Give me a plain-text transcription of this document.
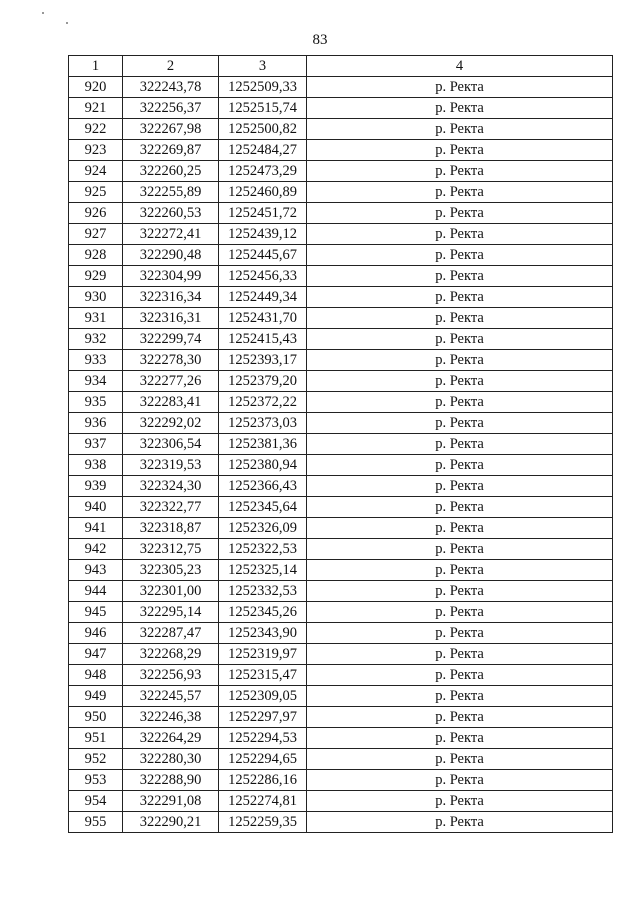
83
1	2	3	4
920	322243,78	1252509,33	р. Ректа
921	322256,37	1252515,74	р. Ректа
922	322267,98	1252500,82	р. Ректа
923	322269,87	1252484,27	р. Ректа
924	322260,25	1252473,29	р. Ректа
925	322255,89	1252460,89	р. Ректа
926	322260,53	1252451,72	р. Ректа
927	322272,41	1252439,12	р. Ректа
928	322290,48	1252445,67	р. Ректа
929	322304,99	1252456,33	р. Ректа
930	322316,34	1252449,34	р. Ректа
931	322316,31	1252431,70	р. Ректа
932	322299,74	1252415,43	р. Ректа
933	322278,30	1252393,17	р. Ректа
934	322277,26	1252379,20	р. Ректа
935	322283,41	1252372,22	р. Ректа
936	322292,02	1252373,03	р. Ректа
937	322306,54	1252381,36	р. Ректа
938	322319,53	1252380,94	р. Ректа
939	322324,30	1252366,43	р. Ректа
940	322322,77	1252345,64	р. Ректа
941	322318,87	1252326,09	р. Ректа
942	322312,75	1252322,53	р. Ректа
943	322305,23	1252325,14	р. Ректа
944	322301,00	1252332,53	р. Ректа
945	322295,14	1252345,26	р. Ректа
946	322287,47	1252343,90	р. Ректа
947	322268,29	1252319,97	р. Ректа
948	322256,93	1252315,47	р. Ректа
949	322245,57	1252309,05	р. Ректа
950	322246,38	1252297,97	р. Ректа
951	322264,29	1252294,53	р. Ректа
952	322280,30	1252294,65	р. Ректа
953	322288,90	1252286,16	р. Ректа
954	322291,08	1252274,81	р. Ректа
955	322290,21	1252259,35	р. Ректа
